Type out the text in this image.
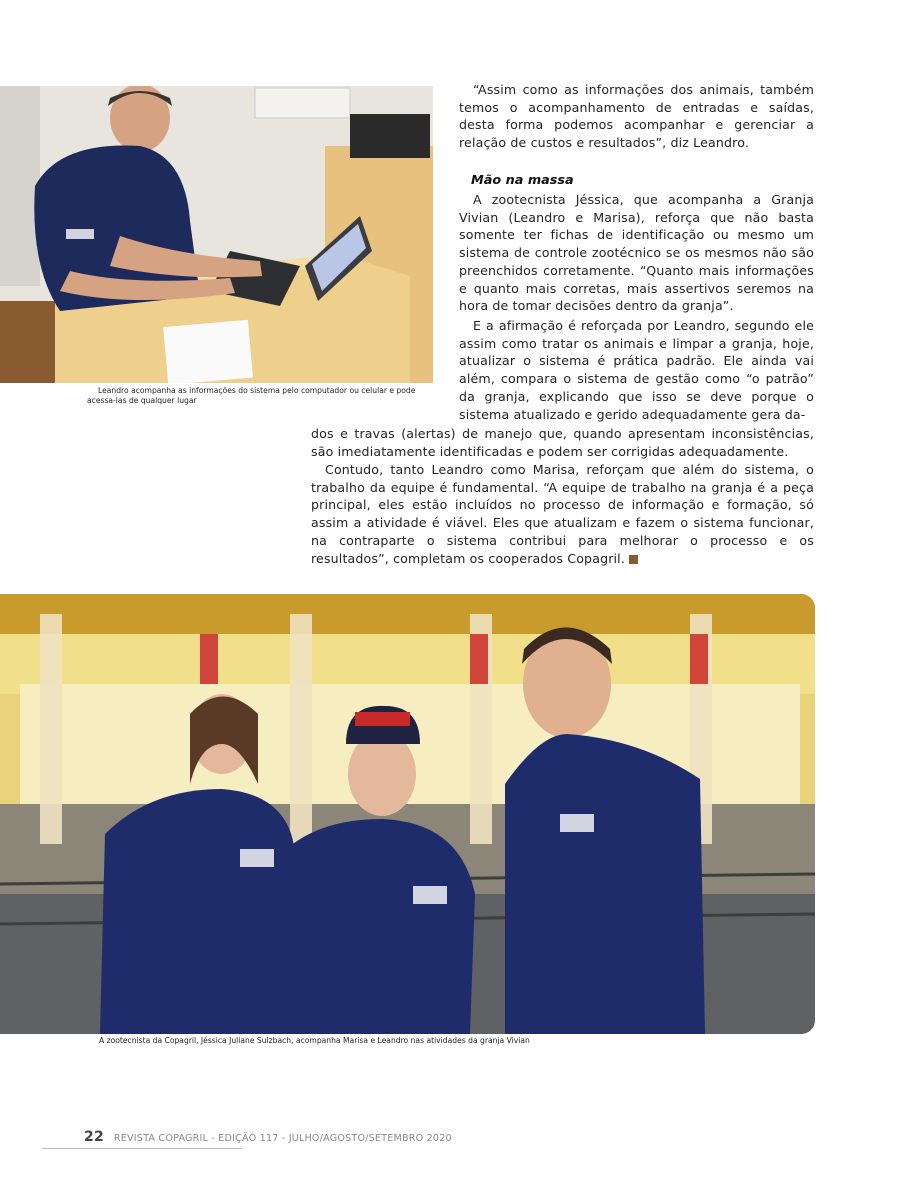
Leandro acompanha as informações do sistema pelo computador ou celular e pode
acessa-las de qualquer lugar

“Assim como as informações dos animais, também temos o acompanhamento de entradas e saídas, desta forma podemos acompanhar e gerenciar a relação de custos e resultados”, diz Leandro.

Mão na massa

A zootecnista Jéssica, que acompanha a Granja Vivian (Leandro e Marisa), reforça que não basta somente ter fichas de identificação ou mesmo um sistema de controle zootécnico se os mesmos não são preenchidos corretamente. “Quanto mais informações e quanto mais corretas, mais assertivos seremos na hora de tomar decisões dentro da granja”.

E a afirmação é reforçada por Leandro, segundo ele assim como tratar os animais e limpar a granja, hoje, atualizar o sistema é prática padrão. Ele ainda vai além, compara o sistema de gestão como “o patrão” da granja, explicando que isso se deve porque o sistema atualizado e gerido adequadamente gera da-

dos e travas (alertas) de manejo que, quando apresentam inconsistências, são imediatamente identificadas e podem ser corrigidas adequadamente.

Contudo, tanto Leandro como Marisa, reforçam que além do sistema, o trabalho da equipe é fundamental. “A equipe de trabalho na granja é a peça principal, eles estão incluídos no processo de informação e formação, só assim a atividade é viável. Eles que atualizam e fazem o sistema funcionar, na contraparte o sistema contribui para melhorar o processo e os resultados”, completam os cooperados Copagril.

A zootecnista da Copagril, Jéssica Juliane Sulzbach, acompanha Marisa e Leandro nas atividades da granja Vivian
22 REVISTA COPAGRIL - EDIÇÃO 117 - JULHO/AGOSTO/SETEMBRO 2020
